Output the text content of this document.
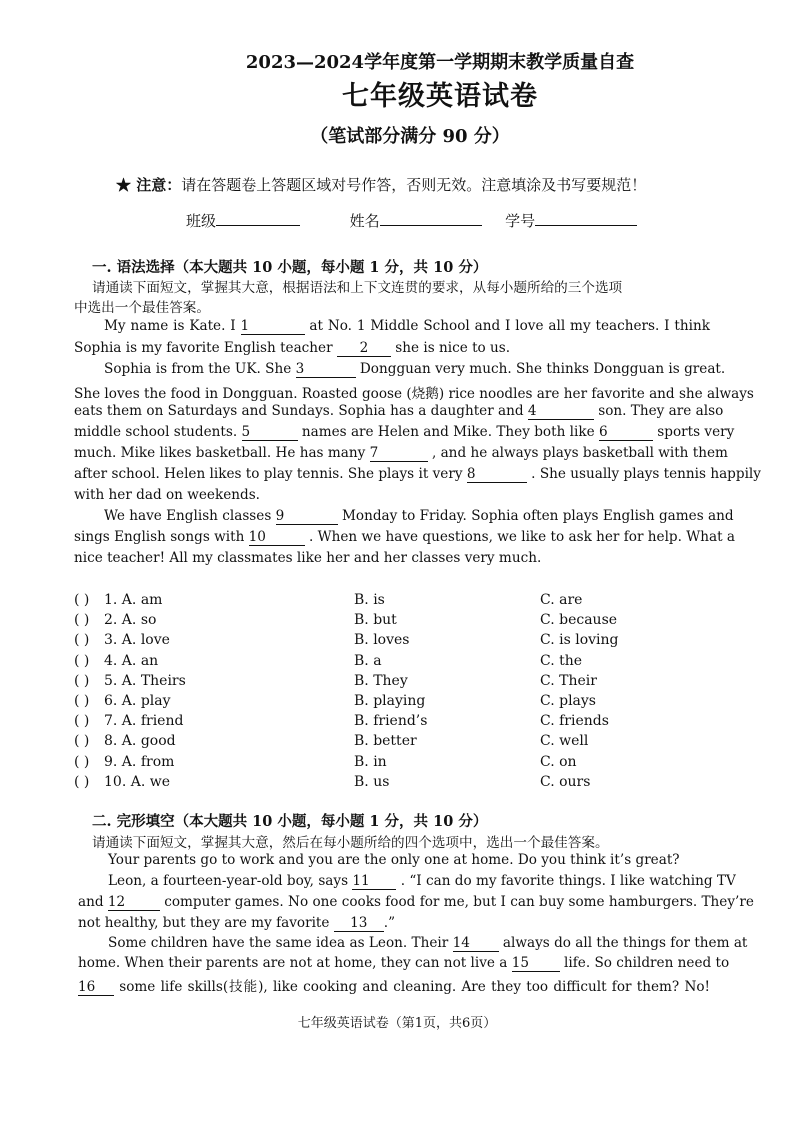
2023—2024学年度第一学期期末教学质量自查
七年级英语试卷
（笔试部分满分 90 分）
★ 注意：请在答题卷上答题区域对号作答，否则无效。注意填涂及书写要规范！
班级	姓名	学号
一. 语法选择（本大题共 10 小题，每小题 1 分，共 10 分）
请通读下面短文，掌握其大意，根据语法和上下文连贯的要求，从每小题所给的三个选项
中选出一个最佳答案。
My name is Kate. I 1	at No. 1 Middle School and I love all my teachers. I think
Sophia is my favorite English teacher 2 she is nice to us.
Sophia is from the UK. She 3	Dongguan very much. She thinks Dongguan is great.
She loves the food in Dongguan. Roasted goose (烧鹅) rice noodles are her favorite and she always
eats them on Saturdays and Sundays. Sophia has a daughter and 4	son. They are also
middle school students. 5	names are Helen and Mike. They both like 6	sports very
much. Mike likes basketball. He has many 7	, and he always plays basketball with them
after school. Helen likes to play tennis. She plays it very 8	. She usually plays tennis happily
with her dad on weekends.
We have English classes 9	Monday to Friday. Sophia often plays English games and
sings English songs with 10	. When we have questions, we like to ask her for help. What a
nice teacher! All my classmates like her and her classes very much.
( ) 1. A. am	B. is	C. are
( ) 2. A. so	B. but	C. because
( ) 3. A. love	B. loves	C. is loving
( ) 4. A. an	B. a	C. the
( ) 5. A. Theirs	B. They	C. Their
( ) 6. A. play	B. playing	C. plays
( ) 7. A. friend	B. friend’s	C. friends
( ) 8. A. good	B. better	C. well
( ) 9. A. from	B. in	C. on
( ) 10. A. we	B. us	C. ours
二. 完形填空（本大题共 10 小题，每小题 1 分，共 10 分）
请通读下面短文，掌握其大意，然后在每小题所给的四个选项中，选出一个最佳答案。
Your parents go to work and you are the only one at home. Do you think it’s great?
Leon, a fourteen-year-old boy, says 11 . “I can do my favorite things. I like watching TV
and 12	computer games. No one cooks food for me, but I can buy some hamburgers. They’re
not healthy, but they are my favorite 13 .”
Some children have the same idea as Leon. Their 14 always do all the things for them at
home. When their parents are not at home, they can not live a 15	life. So children need to
16 some life skills(技能), like cooking and cleaning. Are they too difficult for them? No!
七年级英语试卷（第1页，共6页）
